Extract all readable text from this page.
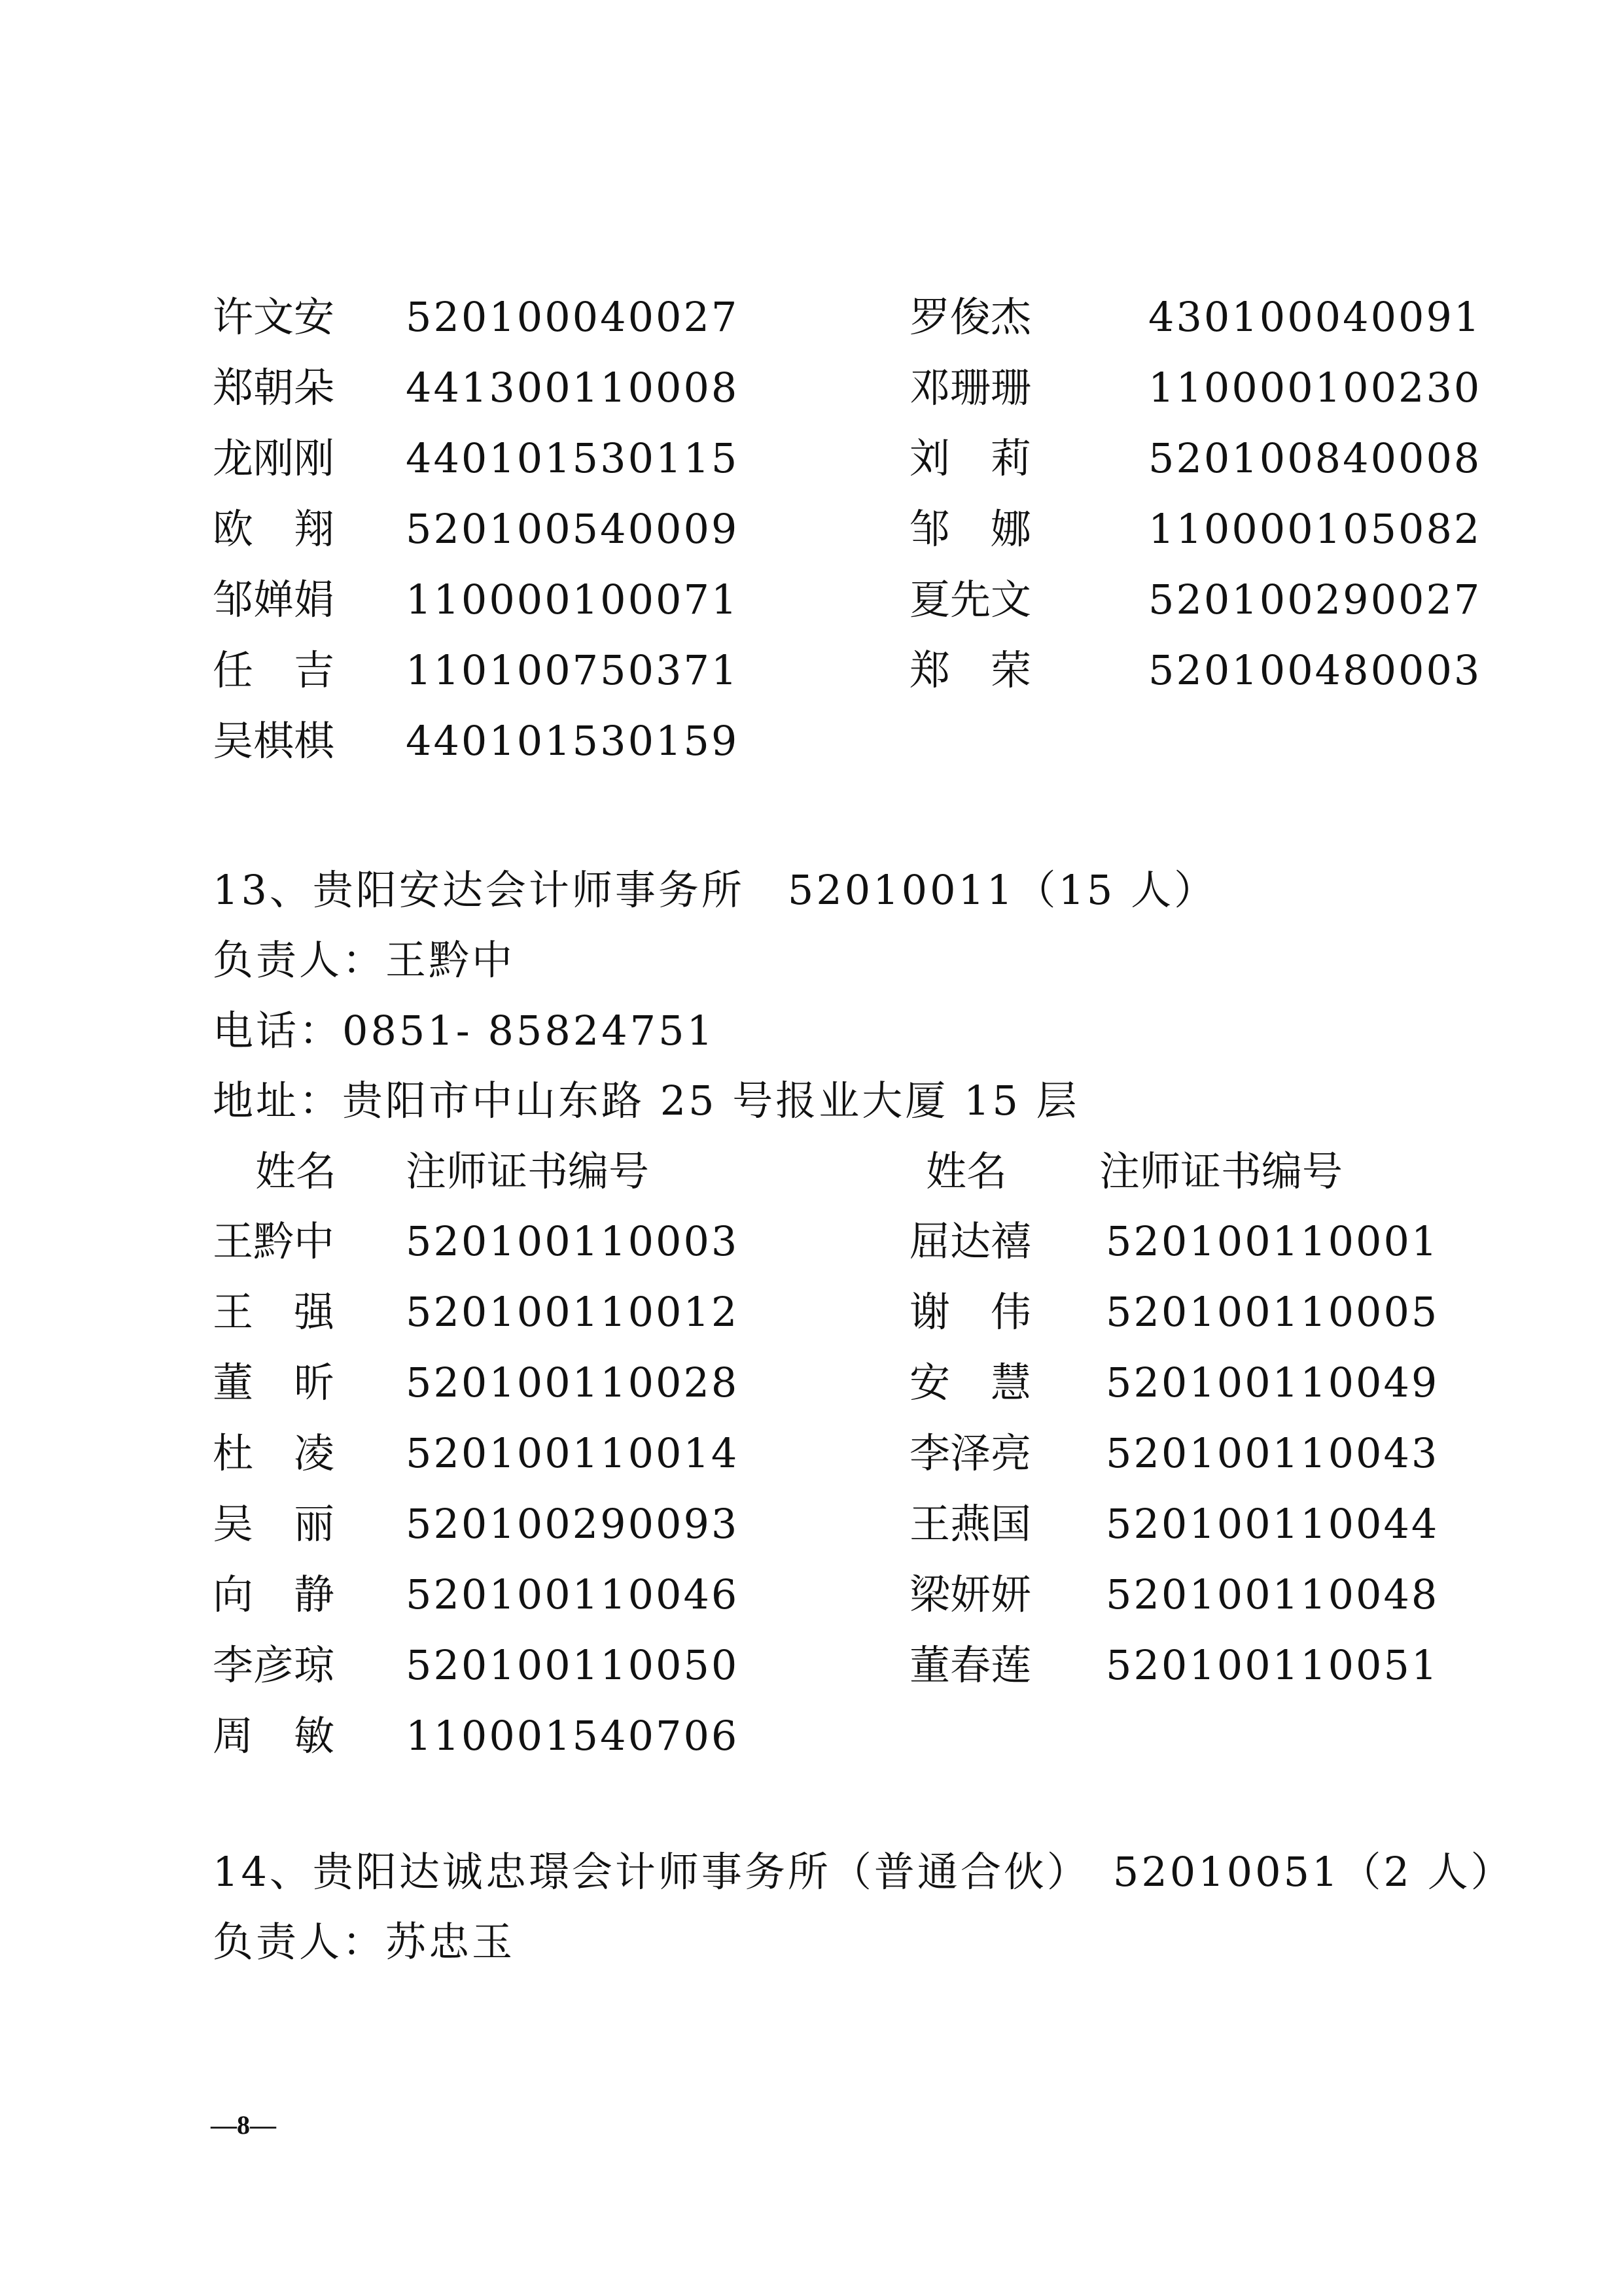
许文安 520100040027	罗俊杰	430100040091
郑朝朵 441300110008	邓珊珊	110000100230
龙刚刚 440101530115	刘　莉	520100840008
欧　翔 520100540009	邹　娜	110000105082
邹婵娟 110000100071	夏先文	520100290027
任　吉 110100750371	郑　荣	520100480003
吴棋棋 440101530159
13、贵阳安达会计师事务所　52010011（15 人）
负责人：王黔中
电话：0851- 85824751
地址：贵阳市中山东路 25 号报业大厦 15 层
姓名 注师证书编号	姓名 注师证书编号
王黔中 520100110003	屈达禧 520100110001
王　强 520100110012	谢　伟 520100110005
董　昕 520100110028	安　慧 520100110049
杜　凌 520100110014	李泽亮 520100110043
吴　丽 520100290093	王燕国 520100110044
向　静 520100110046	梁妍妍 520100110048
李彦琼 520100110050	董春莲 520100110051
周　敏 110001540706
14、贵阳达诚忠璟会计师事务所（普通合伙）　52010051（2 人）
负责人：苏忠玉
—8—
